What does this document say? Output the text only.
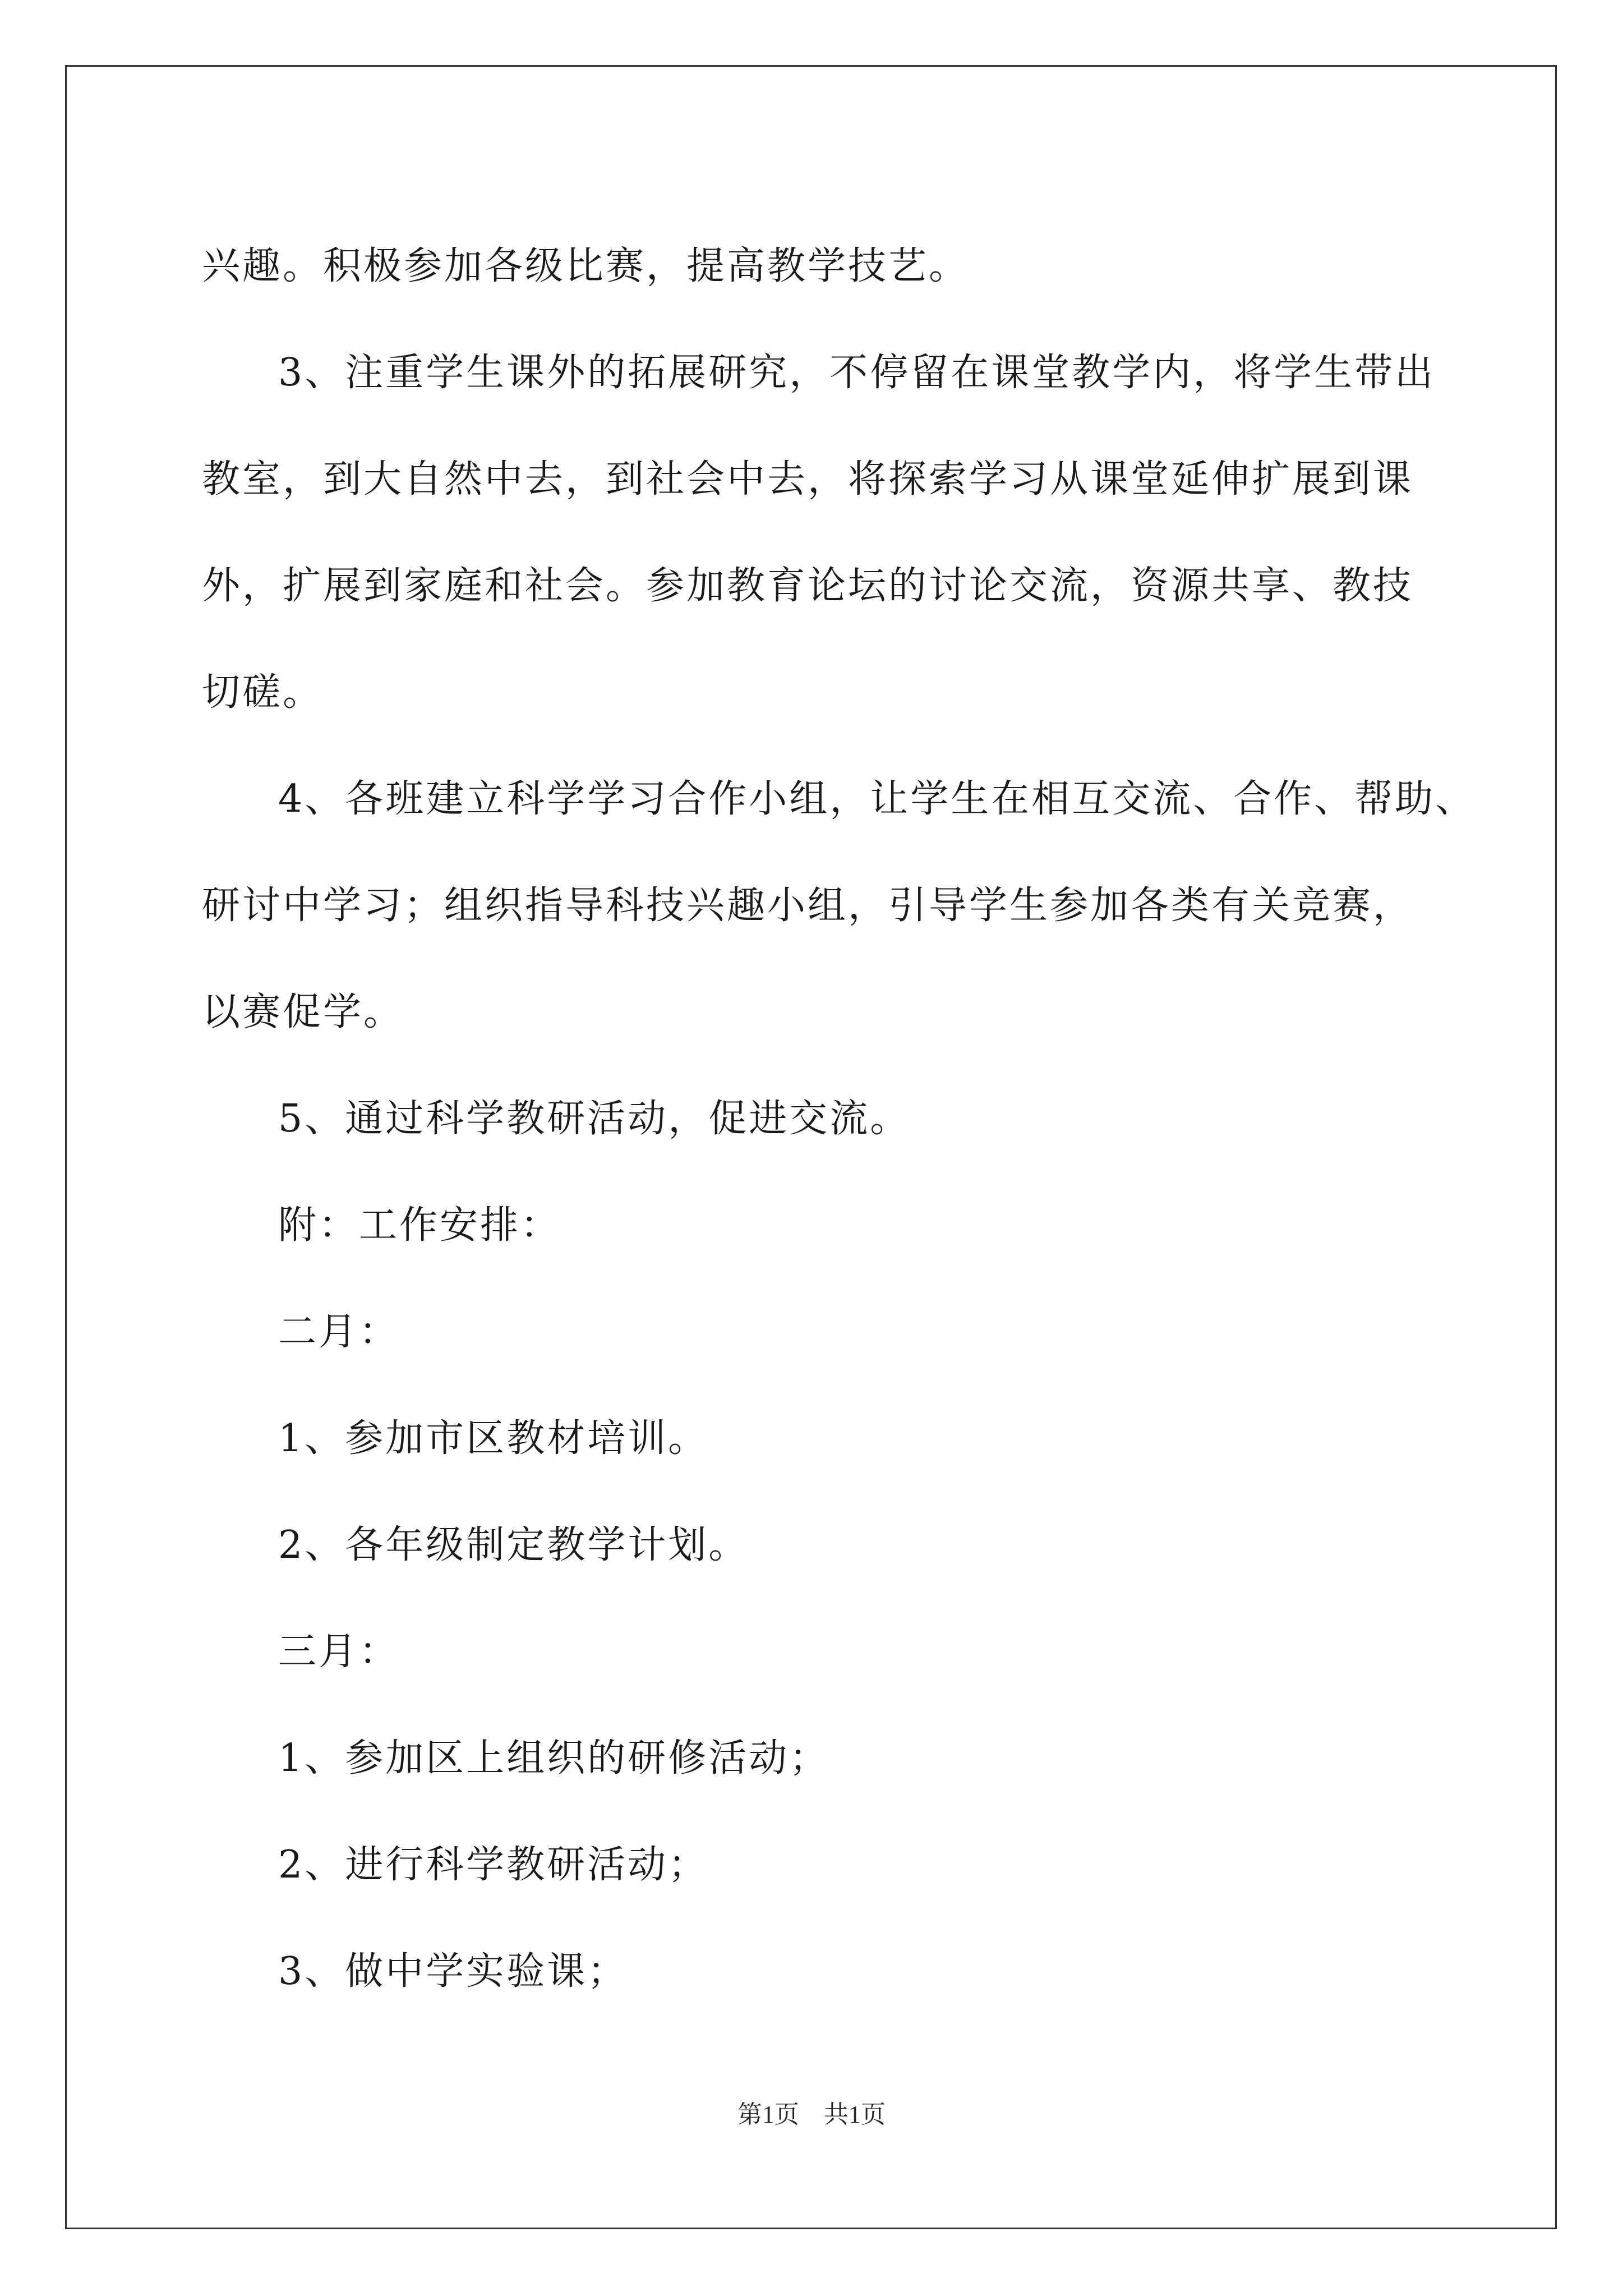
兴趣。积极参加各级比赛，提高教学技艺。
3、注重学生课外的拓展研究，不停留在课堂教学内，将学生带出
教室，到大自然中去，到社会中去，将探索学习从课堂延伸扩展到课
外，扩展到家庭和社会。参加教育论坛的讨论交流，资源共享、教技
切磋。
4、各班建立科学学习合作小组，让学生在相互交流、合作、帮助、
研讨中学习；组织指导科技兴趣小组，引导学生参加各类有关竞赛，
以赛促学。
5、通过科学教研活动，促进交流。
附：工作安排：
二月：
1、参加市区教材培训。
2、各年级制定教学计划。
三月：
1、参加区上组织的研修活动；
2、进行科学教研活动；
3、做中学实验课；
第1页　共1页
